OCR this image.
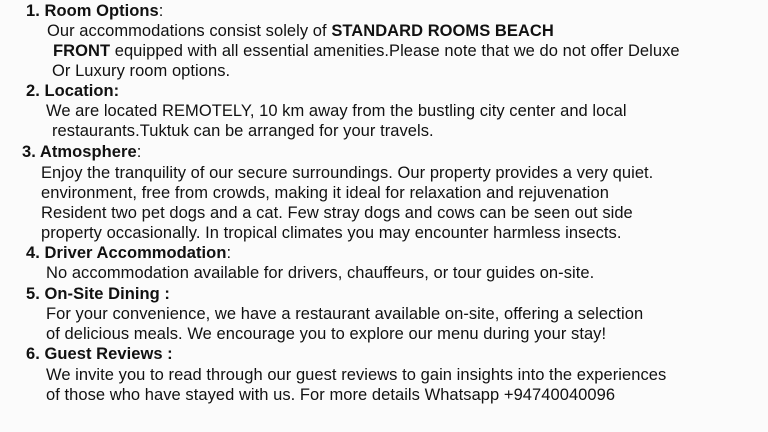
1. Room Options:
Our accommodations consist solely of STANDARD ROOMS BEACH
FRONT equipped with all essential amenities.Please note that we do not offer Deluxe
Or Luxury room options.
2. Location:
We are located REMOTELY, 10 km away from the bustling city center and local
restaurants.Tuktuk can be arranged for your travels.
3. Atmosphere:
Enjoy the tranquility of our secure surroundings. Our property provides a very quiet.
environment, free from crowds, making it ideal for relaxation and rejuvenation
Resident two pet dogs and a cat. Few stray dogs and cows can be seen out side
property occasionally. In tropical climates you may encounter harmless insects.
4. Driver Accommodation:
No accommodation available for drivers, chauffeurs, or tour guides on-site.
5. On-Site Dining :
For your convenience, we have a restaurant available on-site, offering a selection
of delicious meals. We encourage you to explore our menu during your stay!
6. Guest Reviews :
We invite you to read through our guest reviews to gain insights into the experiences
of those who have stayed with us. For more details Whatsapp +94740040096
